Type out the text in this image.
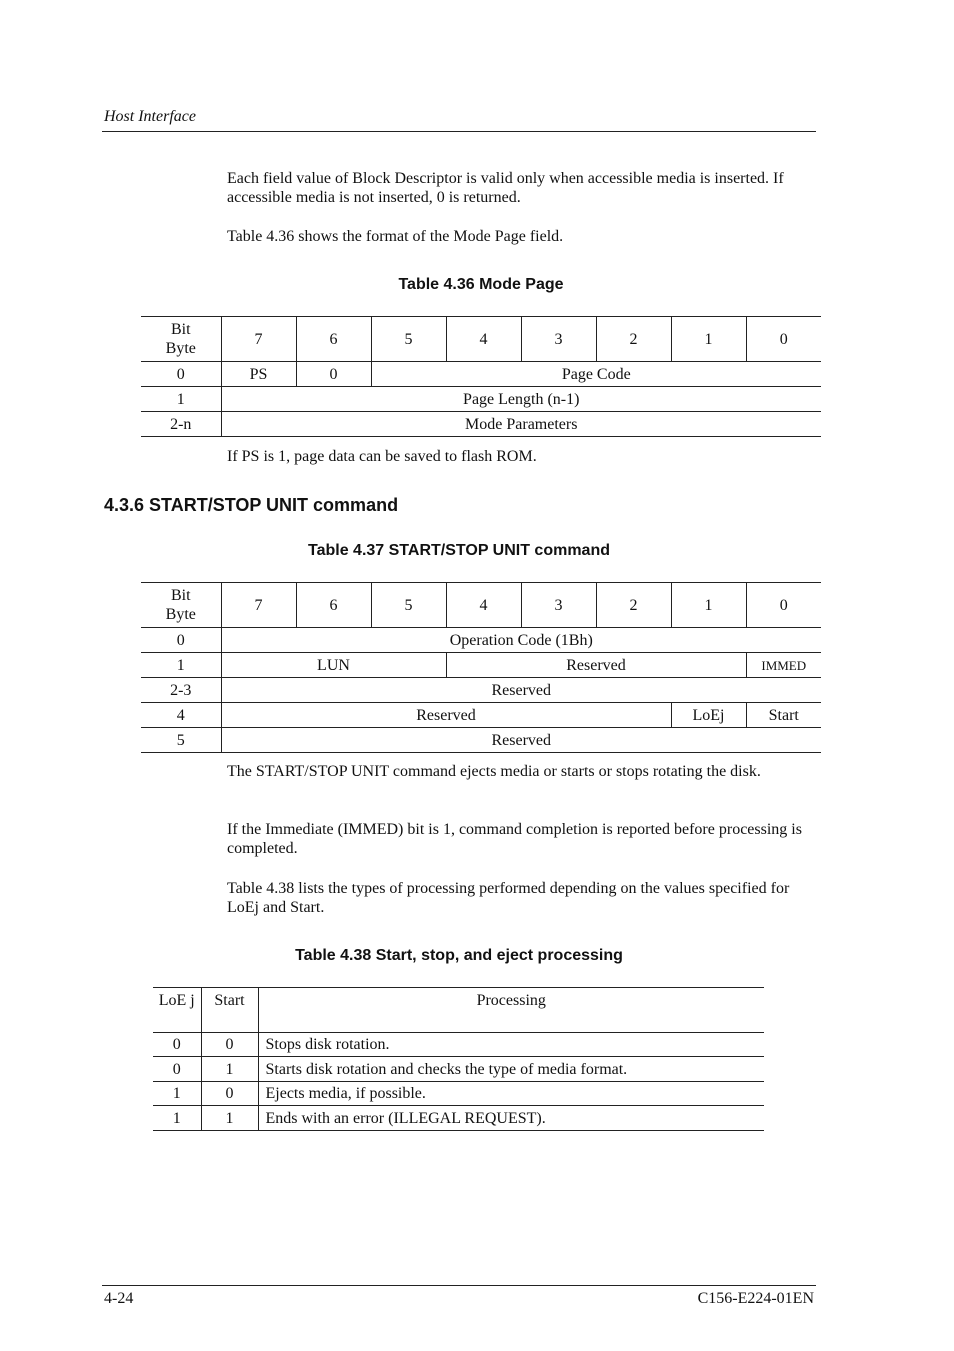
Host Interface
Each field value of Block Descriptor is valid only when accessible media is inserted. If accessible media is not inserted, 0 is returned.
Table 4.36 shows the format of the Mode Page field.
Table 4.36 Mode Page
Bit
Byte	7	6	5	4	3	2	1	0
0	PS	0	Page Code					
1	Page Length (n-1)							
2-n	Mode Parameters							
If PS is 1, page data can be saved to flash ROM.
4.3.6 START/STOP UNIT command
Table 4.37 START/STOP UNIT command
Bit
Byte	7	6	5	4	3	2	1	0
0	Operation Code (1Bh)							
1	LUN			Reserved				IMMED
2-3	Reserved							
4	Reserved						LoEj	Start
5	Reserved							
The START/STOP UNIT command ejects media or starts or stops rotating the disk.
If the Immediate (IMMED) bit is 1, command completion is reported before processing is completed.
Table 4.38 lists the types of processing performed depending on the values specified for LoEj and Start.
Table 4.38 Start, stop, and eject processing
LoE j	Start	Processing
0	0	Stops disk rotation.
0	1	Starts disk rotation and checks the type of media format.
1	0	Ejects media, if possible.
1	1	Ends with an error (ILLEGAL REQUEST).
4-24	C156-E224-01EN
